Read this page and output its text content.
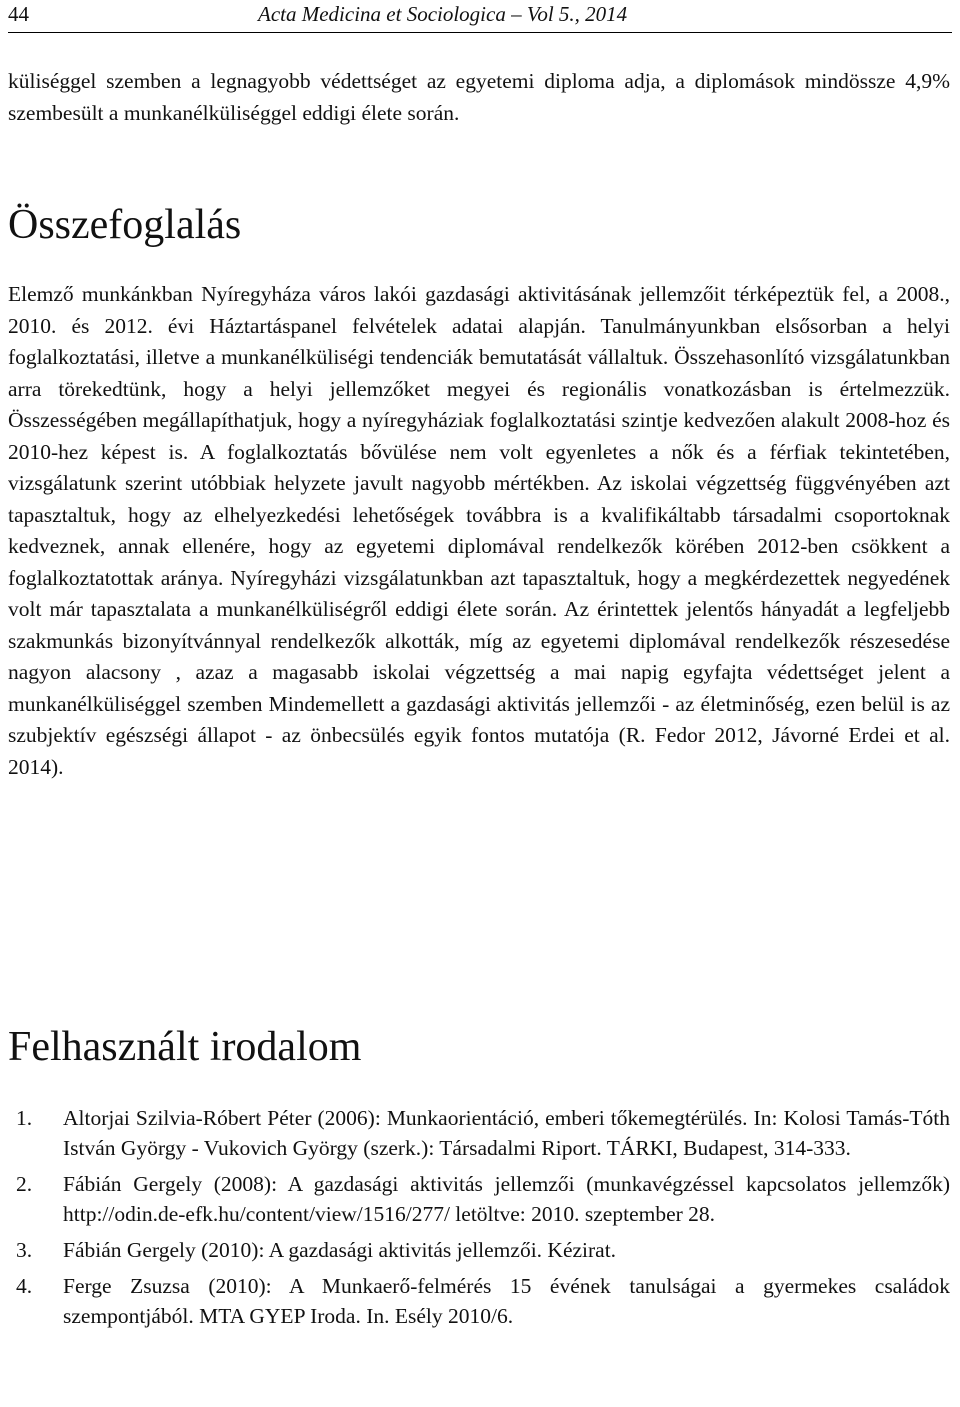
44	Acta Medicina et Sociologica – Vol 5., 2014

küliséggel szemben a legnagyobb védettséget az egyetemi diploma adja, a diplomások mindössze 4,9% szembesült a munkanélküliséggel eddigi élete során.

Összefoglalás

Elemző munkánkban Nyíregyháza város lakói gazdasági aktivitásának jellemzőit térképeztük fel, a 2008., 2010. és 2012. évi Háztartáspanel felvételek adatai alapján. Tanulmányunkban elsősorban a helyi foglalkoztatási, illetve a munkanélküliségi tendenciák bemutatását vállaltuk. Összehasonlító vizsgálatunkban arra törekedtünk, hogy a helyi jellemzőket megyei és regionális vonatkozásban is értelmezzük. Összességében megállapíthatjuk, hogy a nyíregyháziak foglalkoztatási szintje kedvezően alakult 2008-hoz és 2010-hez képest is. A foglalkoztatás bővülése nem volt egyenletes a nők és a férfiak tekintetében, vizsgálatunk szerint utóbbiak helyzete javult nagyobb mértékben. Az iskolai végzettség függvényében azt tapasztaltuk, hogy az elhelyezkedési lehetőségek továbbra is a kvalifikáltabb társadalmi csoportoknak kedveznek, annak ellenére, hogy az egyetemi diplomával rendelkezők körében 2012-ben csökkent a foglalkoztatottak aránya. Nyíregyházi vizsgálatunkban azt tapasztaltuk, hogy a megkérdezettek negyedének volt már tapasztalata a munkanélküliségről eddigi élete során. Az érintettek jelentős hányadát a legfeljebb szakmunkás bizonyítvánnyal rendelkezők alkották, míg az egyetemi diplomával rendelkezők részesedése nagyon alacsony , azaz a magasabb iskolai végzettség a mai napig egyfajta védettséget jelent a munkanélküliséggel szemben Mindemellett a gazdasági aktivitás jellemzői - az életminőség, ezen belül is az szubjektív egészségi állapot - az önbecsülés egyik fontos mutatója (R. Fedor 2012, Jávorné Erdei et al. 2014).

Felhasznált irodalom
1. Altorjai Szilvia-Róbert Péter (2006): Munkaorientáció, emberi tőkemegtérülés. In: Kolosi Tamás-Tóth István György - Vukovich György (szerk.): Társadalmi Riport. TÁRKI, Budapest, 314-333.
2. Fábián Gergely (2008): A gazdasági aktivitás jellemzői (munkavégzéssel kapcsolatos jellemzők) http://odin.de-efk.hu/content/view/1516/277/ letöltve: 2010. szeptember 28.
3. Fábián Gergely (2010): A gazdasági aktivitás jellemzői. Kézirat.
4. Ferge Zsuzsa (2010): A Munkaerő-felmérés 15 évének tanulságai a gyermekes családok szempontjából. MTA GYEP Iroda. In. Esély 2010/6.
